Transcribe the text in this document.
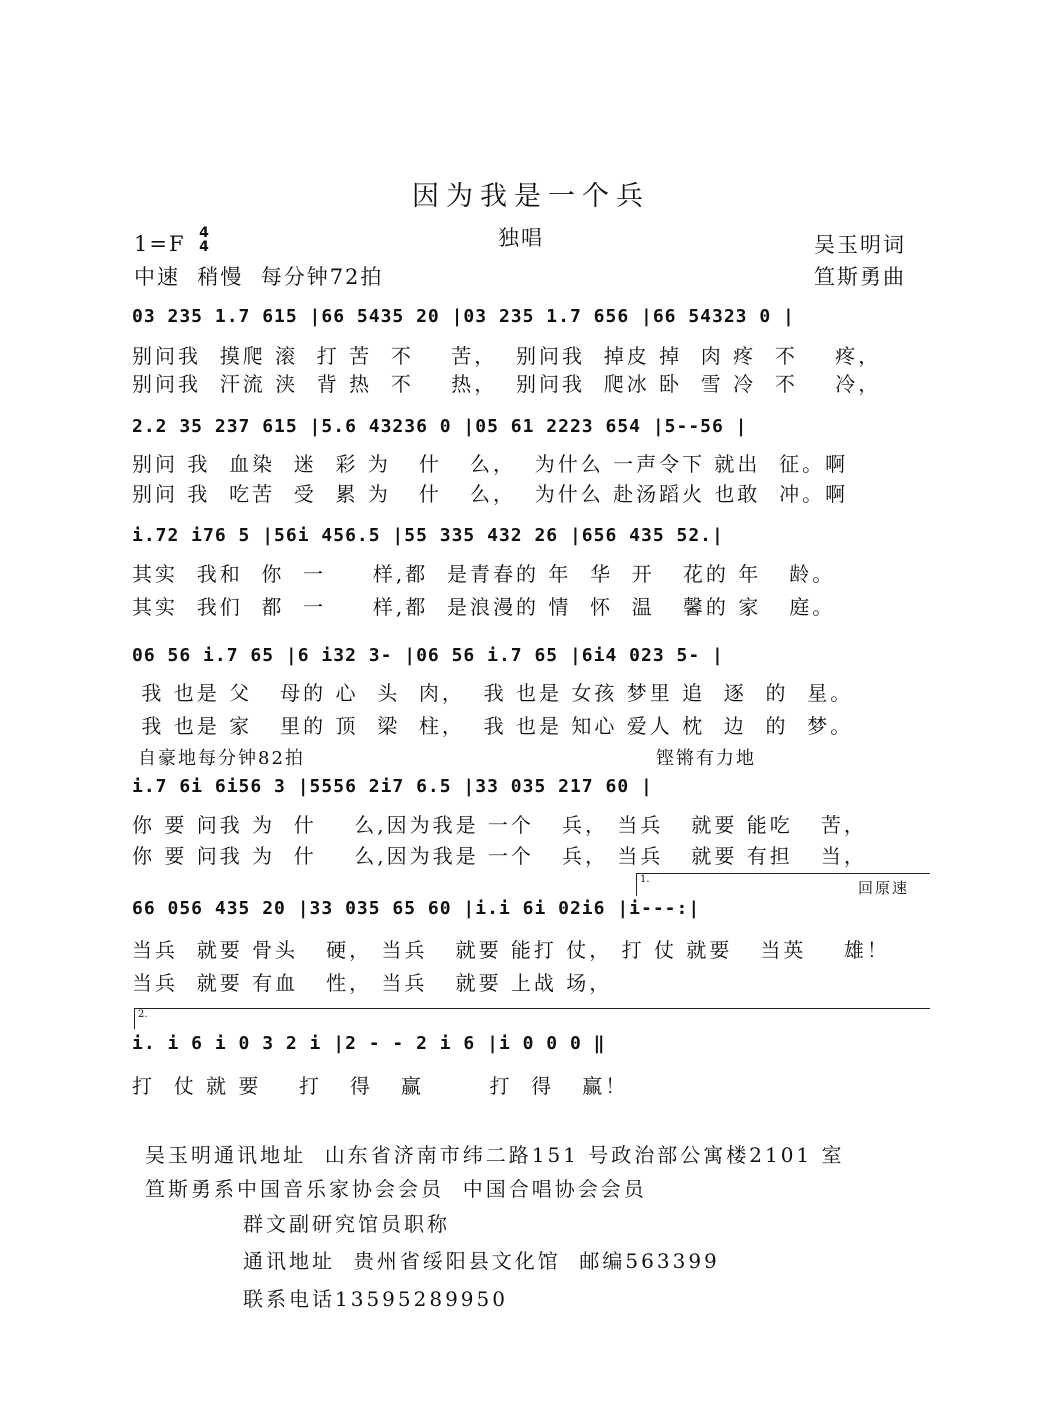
因为我是一个兵
独唱
1=F 4
4
中速  稍慢  每分钟72拍
吴玉明词
笪斯勇曲
03 235 1.7 615 |66 5435 20 |03 235 1.7 656 |66 54323 0 |
别问我  摸爬 滚  打 苦  不    苦，  别问我  掉皮 掉  肉 疼  不    疼，
别问我  汗流 浃  背 热  不    热，  别问我  爬冰 卧  雪 冷  不    冷，
2.2 35 237 615 |5.6 43236 0 |05 61 2223 654 |5--56 |
别问 我  血染  迷  彩 为   什   么，  为什么 一声令下 就出  征。啊
别问 我  吃苦  受  累 为   什   么，  为什么 赴汤蹈火 也敢  冲。啊
i.72 i76 5 |56i 456.5 |55 335 432 26 |656 435 52.|
其实  我和  你  一     样,都  是青春的 年  华  开   花的 年   龄。
其实  我们  都  一     样,都  是浪漫的 情  怀  温   馨的 家   庭。
06 56 i.7 65 |6 i32 3- |06 56 i.7 65 |6i4 023 5- |
我 也是 父   母的 心  头  肉，  我 也是 女孩 梦里 追  逐  的  星。
我 也是 家   里的 顶  梁  柱，  我 也是 知心 爱人 枕  边  的  梦。
自豪地每分钟82拍	铿锵有力地
i.7 6i 6i56 3 |5556 2i7 6.5 |33 035 217 60 |
你 要 问我 为  什    么,因为我是 一个   兵， 当兵   就要 能吃   苦，
你 要 问我 为  什    么,因为我是 一个   兵， 当兵   就要 有担   当，
1.	回原速
66 056 435 20 |33 035 65 60 |i.i 6i 02i6 |i---:|
当兵  就要 骨头   硬， 当兵   就要 能打 仗， 打 仗 就要   当英    雄！
当兵  就要 有血   性， 当兵   就要 上战 场，
2.
i. i 6 i 0 3 2 i |2 - - 2 i 6 |i 0 0 0 ‖
打  仗 就 要    打   得   赢       打  得   赢！
吴玉明通讯地址  山东省济南市纬二路151 号政治部公寓楼2101 室
笪斯勇系中国音乐家协会会员  中国合唱协会会员
群文副研究馆员职称
通讯地址  贵州省绥阳县文化馆  邮编563399
联系电话13595289950
